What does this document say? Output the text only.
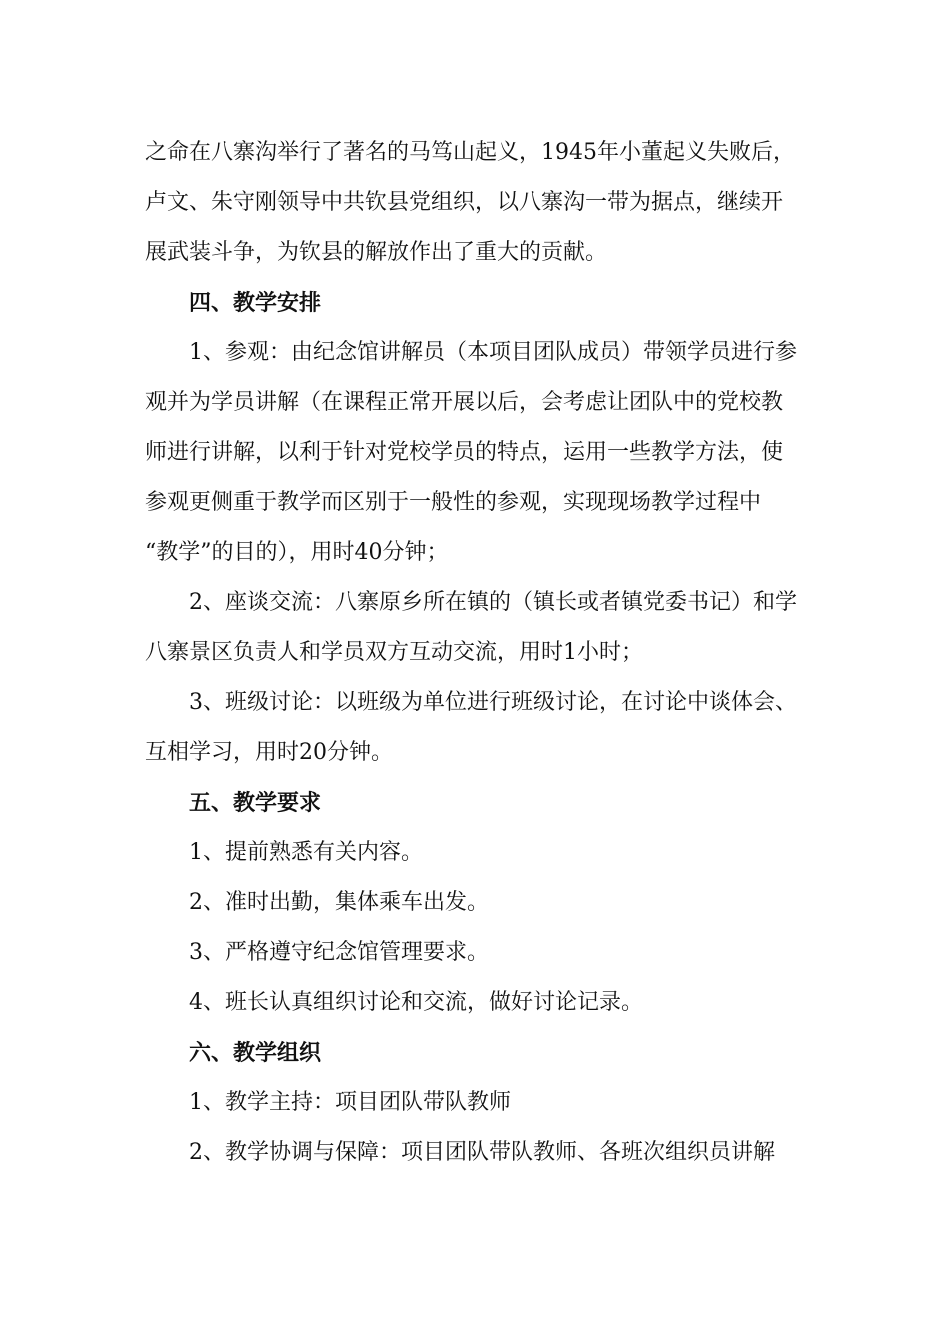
之命在八寨沟举行了著名的马笃山起义，1945年小董起义失败后，

卢文、朱守刚领导中共钦县党组织，以八寨沟一带为据点，继续开

展武装斗争，为钦县的解放作出了重大的贡献。

四、教学安排

1、参观：由纪念馆讲解员（本项目团队成员）带领学员进行参

观并为学员讲解（在课程正常开展以后，会考虑让团队中的党校教

师进行讲解，以利于针对党校学员的特点，运用一些教学方法，使

参观更侧重于教学而区别于一般性的参观，实现现场教学过程中

“教学”的目的），用时40分钟；

2、座谈交流：八寨原乡所在镇的（镇长或者镇党委书记）和学

八寨景区负责人和学员双方互动交流，用时1小时；

3、班级讨论：以班级为单位进行班级讨论，在讨论中谈体会、

互相学习，用时20分钟。

五、教学要求

1、提前熟悉有关内容。

2、准时出勤，集体乘车出发。

3、严格遵守纪念馆管理要求。

4、班长认真组织讨论和交流，做好讨论记录。

六、教学组织

1、教学主持：项目团队带队教师

2、教学协调与保障：项目团队带队教师、各班次组织员讲解
